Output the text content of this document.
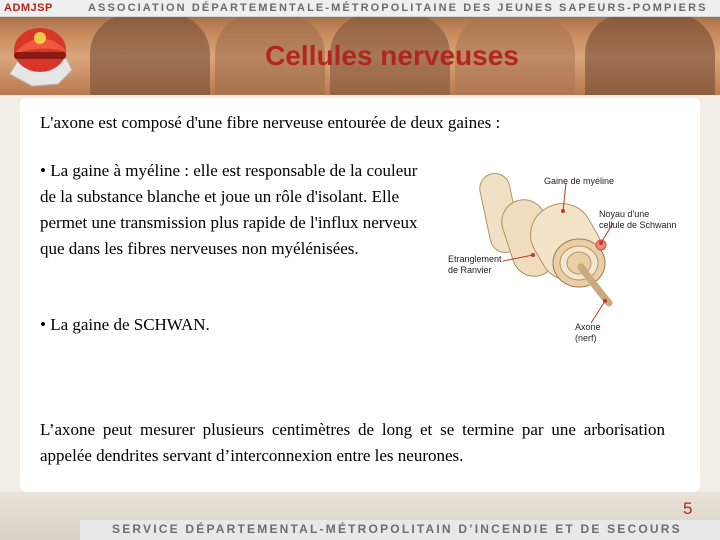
ADMJSP	ASSOCIATION DÉPARTEMENTALE-MÉTROPOLITAINE DES JEUNES SAPEURS-POMPIERS
Cellules nerveuses
L'axone est composé d'une fibre nerveuse entourée de deux gaines :
• La gaine à myéline : elle est responsable de la couleur de la substance blanche et joue un rôle d'isolant. Elle permet une transmission plus rapide de l'influx nerveux que dans les fibres nerveuses non myélénisées.
• La gaine de SCHWAN.
L’axone peut mesurer plusieurs centimètres de long et se termine par une arborisation appelée dendrites servant d’interconnexion entre les neurones.
Gaine de myéline
Noyau d'une
cellule de Schwann
Etranglement
de Ranvier
Axone
(nerf)
SERVICE DÉPARTEMENTAL-MÉTROPOLITAIN D’INCENDIE ET DE SECOURS
5
